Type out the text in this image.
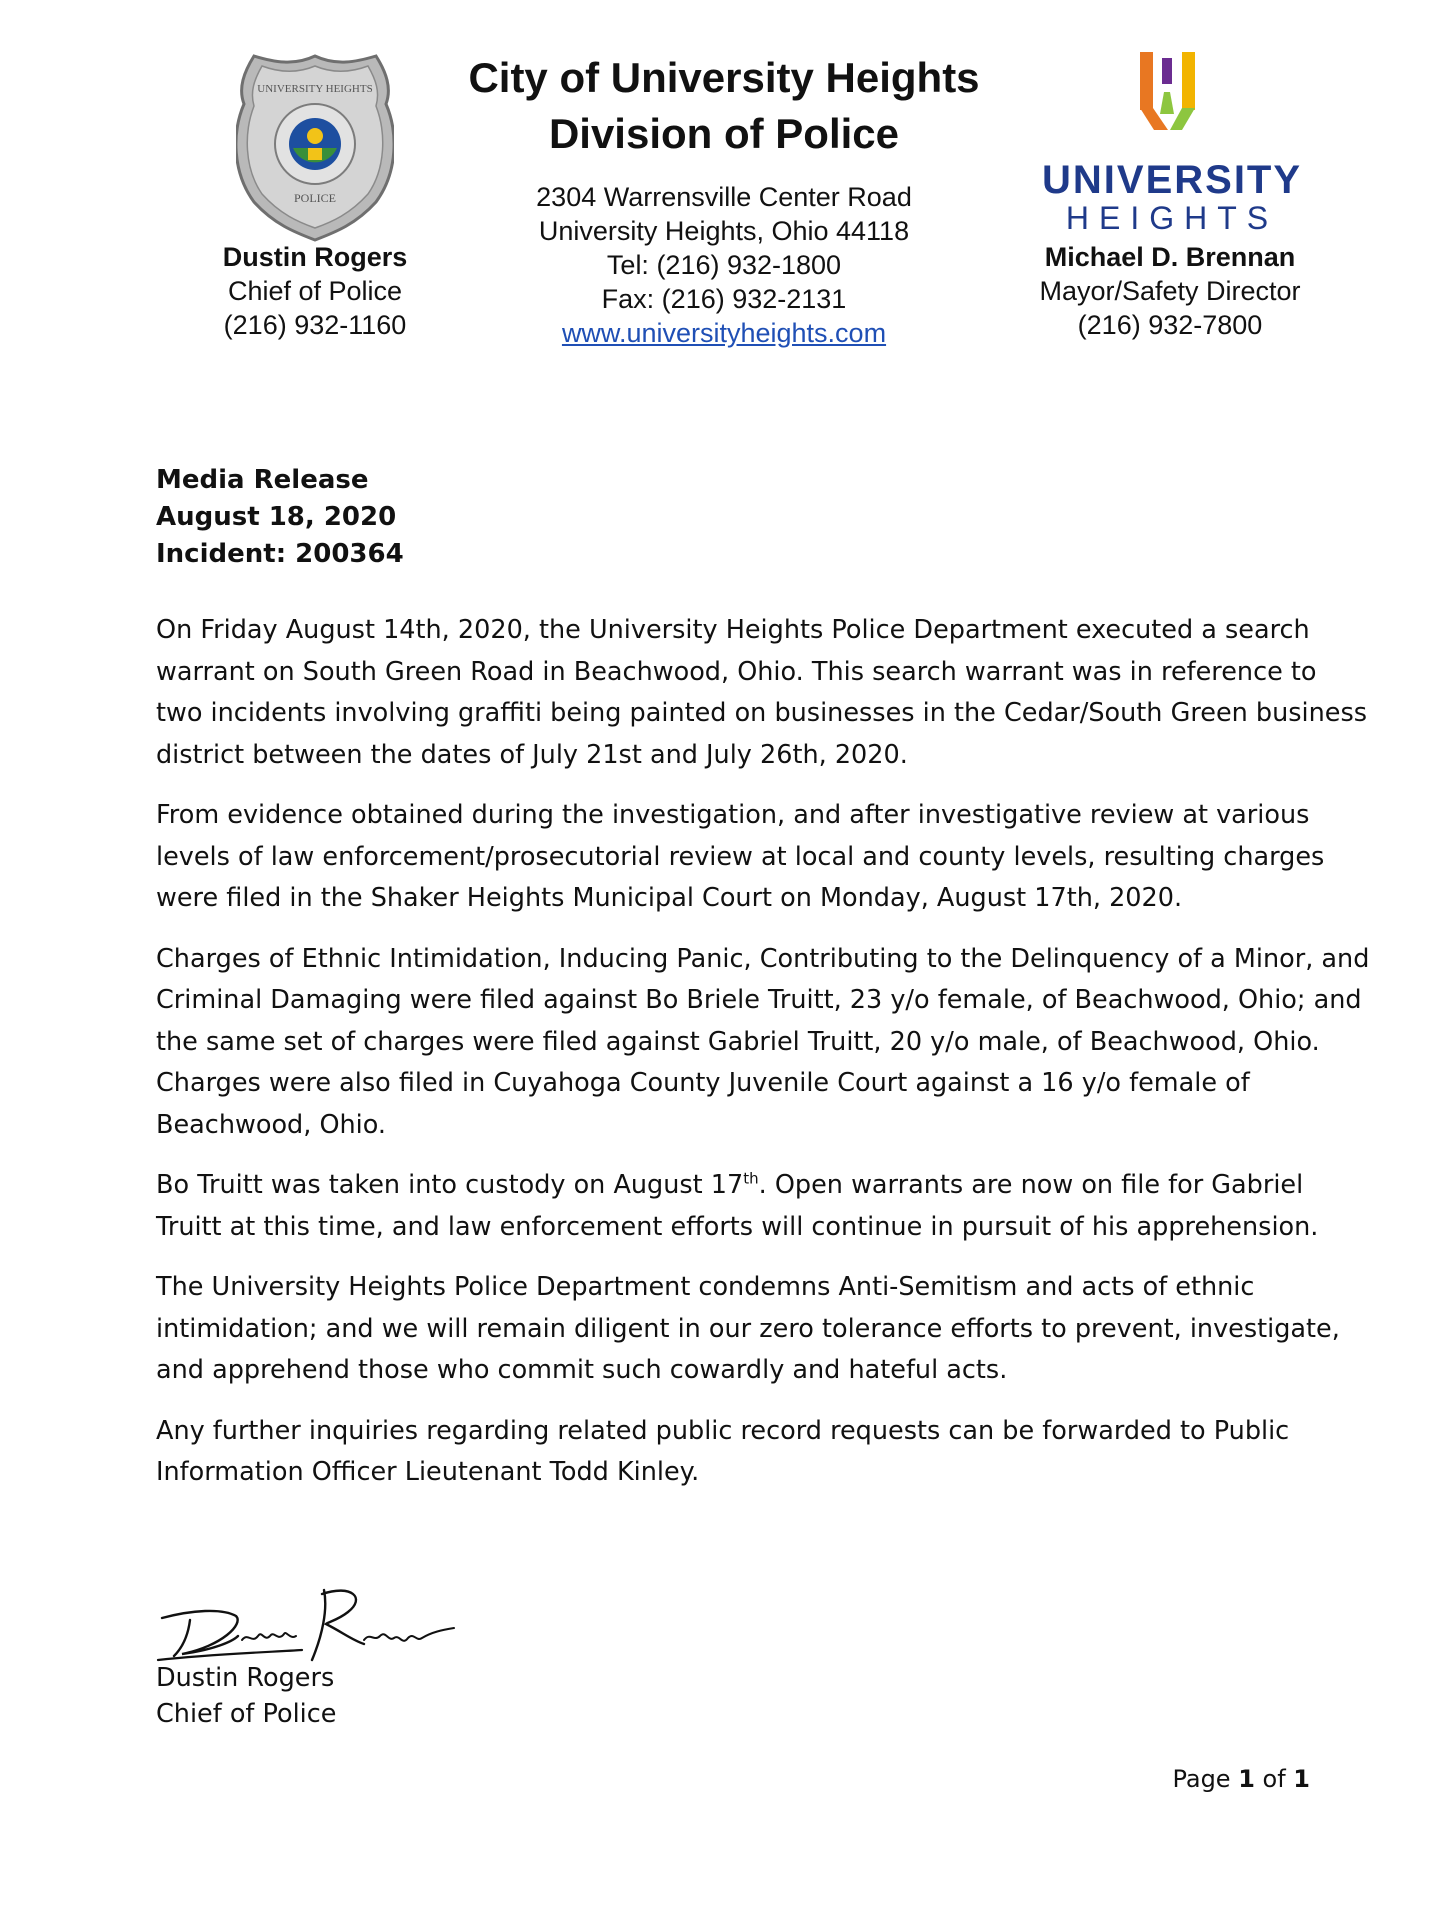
UNIVERSITY HEIGHTS
POLICE
Dustin Rogers
Chief of Police
(216) 932-1160
City of University Heights
Division of Police
2304 Warrensville Center Road
University Heights, Ohio 44118
Tel: (216) 932-1800
Fax: (216) 932-2131
www.universityheights.com
UNIVERSITY
HEIGHTS
Michael D. Brennan
Mayor/Safety Director
(216) 932-7800
Media Release
August 18, 2020
Incident: 200364

On Friday August 14th, 2020, the University Heights Police Department executed a search
warrant on South Green Road in Beachwood, Ohio. This search warrant was in reference to
two incidents involving graffiti being painted on businesses in the Cedar/South Green business
district between the dates of July 21st and July 26th, 2020.

From evidence obtained during the investigation, and after investigative review at various
levels of law enforcement/prosecutorial review at local and county levels, resulting charges
were filed in the Shaker Heights Municipal Court on Monday, August 17th, 2020.

Charges of Ethnic Intimidation, Inducing Panic, Contributing to the Delinquency of a Minor, and
Criminal Damaging were filed against Bo Briele Truitt, 23 y/o female, of Beachwood, Ohio; and
the same set of charges were filed against Gabriel Truitt, 20 y/o male, of Beachwood, Ohio.
Charges were also filed in Cuyahoga County Juvenile Court against a 16 y/o female of
Beachwood, Ohio.

Bo Truitt was taken into custody on August 17th. Open warrants are now on file for Gabriel
Truitt at this time, and law enforcement efforts will continue in pursuit of his apprehension.

The University Heights Police Department condemns Anti-Semitism and acts of ethnic
intimidation; and we will remain diligent in our zero tolerance efforts to prevent, investigate,
and apprehend those who commit such cowardly and hateful acts.

Any further inquiries regarding related public record requests can be forwarded to Public
Information Officer Lieutenant Todd Kinley.

Dustin Rogers
Chief of Police
Page 1 of 1
